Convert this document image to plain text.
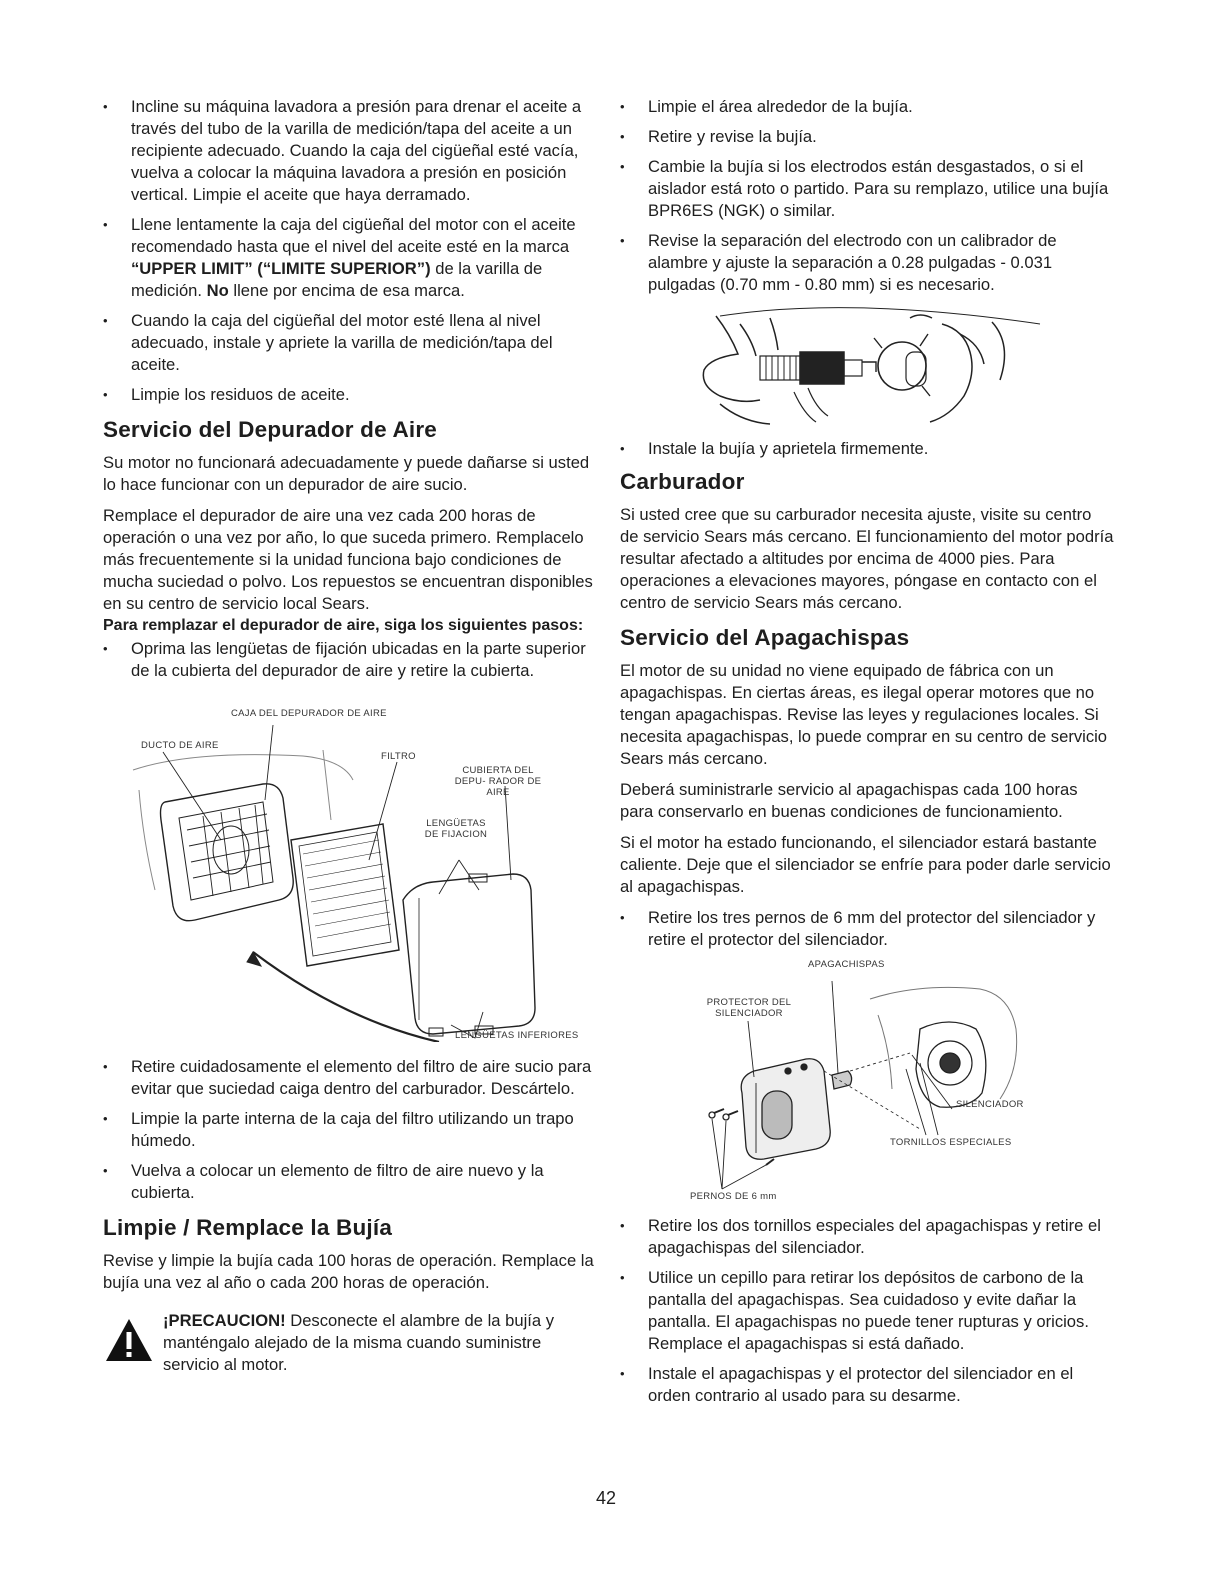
• Incline su máquina lavadora a presión para drenar el aceite a través del tubo de la varilla de medición/tapa del aceite a un recipiente adecuado. Cuando la caja del cigüeñal esté vacía, vuelva a colocar la máquina lavadora a presión en posición vertical. Limpie el aceite que haya derramado.
• Llene lentamente la caja del cigüeñal del motor con el aceite recomendado hasta que el nivel del aceite esté en la marca “UPPER LIMIT” (“LIMITE SUPERIOR”) de la varilla de medición. No llene por encima de esa marca.
• Cuando la caja del cigüeñal del motor esté llena al nivel adecuado, instale y apriete la varilla de medición/tapa del aceite.
• Limpie los residuos de aceite.
Servicio del Depurador de Aire

Su motor no funcionará adecuadamente y puede dañarse si usted lo hace funcionar con un depurador de aire sucio.

Remplace el depurador de aire una vez cada 200 horas de operación o una vez por año, lo que suceda primero. Remplacelo más frecuentemente si la unidad funciona bajo condiciones de mucha suciedad o polvo. Los repuestos se encuentran disponibles en su centro de servicio local Sears.

Para remplazar el depurador de aire, siga los siguientes pasos:

• Oprima las lengüetas de fijación ubicadas en la parte superior de la cubierta del depurador de aire y retire la cubierta.
CAJA DEL DEPURADOR DE AIRE
DUCTO DE AIRE
FILTRO
CUBIERTA DEL DEPU- RADOR DE AIRE
LENGÜETAS DE FIJACION
LENGÜETAS INFERIORES
• Retire cuidadosamente el elemento del filtro de aire sucio para evitar que suciedad caiga dentro del carburador. Descártelo.
• Limpie la parte interna de la caja del filtro utilizando un trapo húmedo.
• Vuelva a colocar un elemento de filtro de aire nuevo y la cubierta.
Limpie / Remplace la Bujía

Revise y limpie la bujía cada 100 horas de operación. Remplace la bujía una vez al año o cada 200 horas de operación.

¡PRECAUCION! Desconecte el alambre de la bujía y manténgalo alejado de la misma cuando suministre servicio al motor.
• Limpie el área alrededor de la bujía.
• Retire y revise la bujía.
• Cambie la bujía si los electrodos están desgastados, o si el aislador está roto o partido. Para su remplazo, utilice una bujía BPR6ES (NGK) o similar.
• Revise la separación del electrodo con un calibrador de alambre y ajuste la separación a 0.28 pulgadas - 0.031 pulgadas (0.70 mm - 0.80 mm) si es necesario.
• Instale la bujía y aprietela firmemente.
Carburador

Si usted cree que su carburador necesita ajuste, visite su centro de servicio Sears más cercano. El funcionamiento del motor podría resultar afectado a altitudes por encima de 4000 pies. Para operaciones a elevaciones mayores, póngase en contacto con el centro de servicio Sears más cercano.

Servicio del Apagachispas

El motor de su unidad no viene equipado de fábrica con un apagachispas. En ciertas áreas, es ilegal operar motores que no tengan apagachispas. Revise las leyes y regulaciones locales. Si necesita apagachispas, lo puede comprar en su centro de servicio Sears más cercano.

Deberá suministrarle servicio al apagachispas cada 100 horas para conservarlo en buenas condiciones de funcionamiento.

Si el motor ha estado funcionando, el silenciador estará bastante caliente. Deje que el silenciador se enfríe para poder darle servicio al apagachispas.

• Retire los tres pernos de 6 mm del protector del silenciador y retire el protector del silenciador.
APAGACHISPAS
PROTECTOR DEL SILENCIADOR
SILENCIADOR
TORNILLOS ESPECIALES
PERNOS DE 6 mm
• Retire los dos tornillos especiales del apagachispas y retire el apagachispas del silenciador.
• Utilice un cepillo para retirar los depósitos de carbono de la pantalla del apagachispas. Sea cuidadoso y evite dañar la pantalla. El apagachispas no puede tener rupturas y oricios. Remplace el apagachispas si está dañado.
• Instale el apagachispas y el protector del silenciador en el orden contrario al usado para su desarme.
42
